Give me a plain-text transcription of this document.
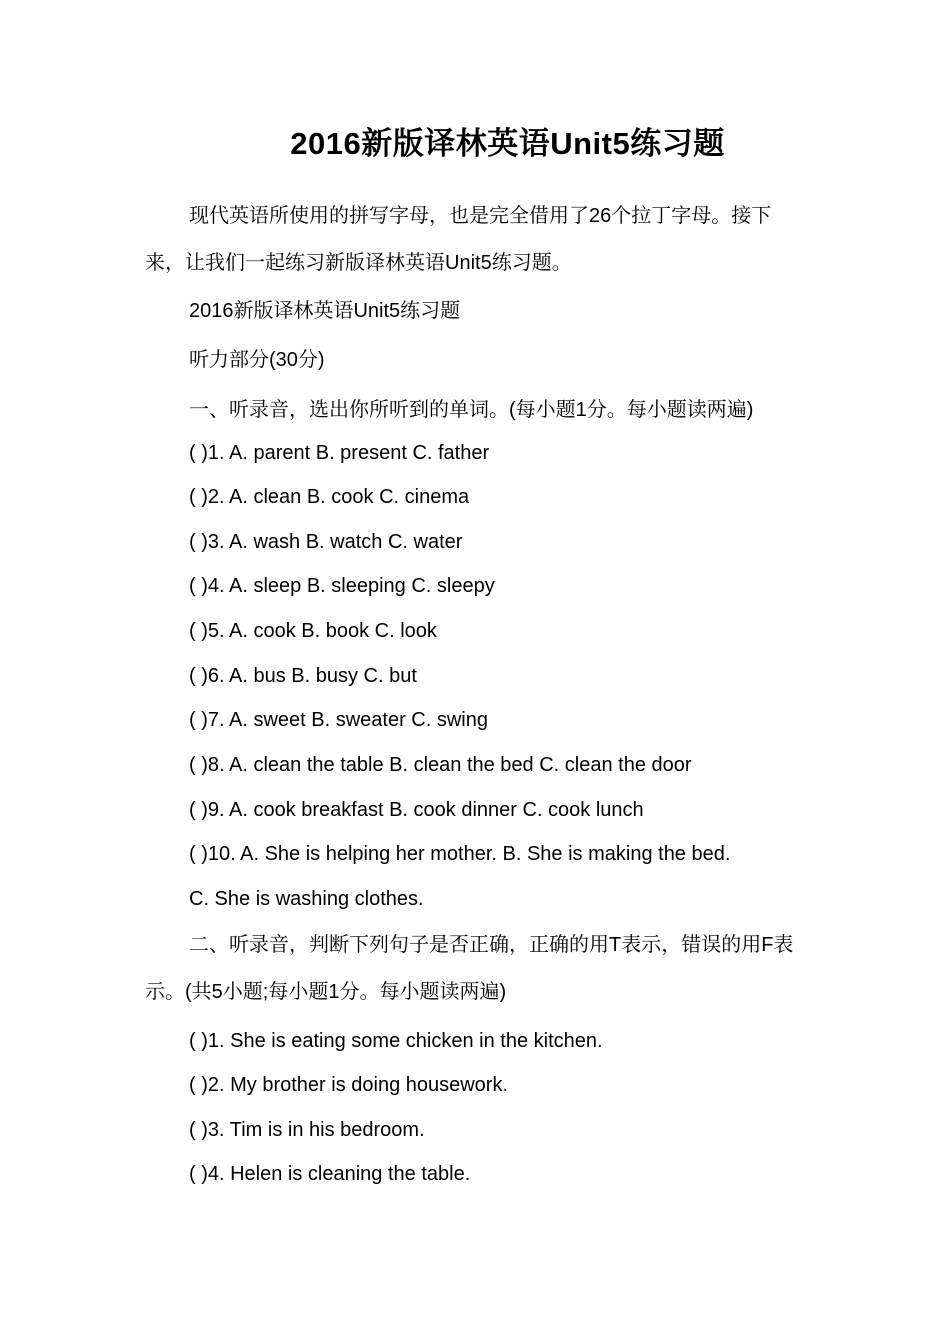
2016新版译林英语Unit5练习题

现代英语所使用的拼写字母，也是完全借用了26个拉丁字母。接下来，让我们一起练习新版译林英语Unit5练习题。

2016新版译林英语Unit5练习题

听力部分(30分)

一、听录音，选出你所听到的单词。(每小题1分。每小题读两遍)

( )1. A. parent B. present C. father

( )2. A. clean B. cook C. cinema

( )3. A. wash B. watch C. water

( )4. A. sleep B. sleeping C. sleepy

( )5. A. cook B. book C. look

( )6. A. bus B. busy C. but

( )7. A. sweet B. sweater C. swing

( )8. A. clean the table B. clean the bed C. clean the door

( )9. A. cook breakfast B. cook dinner C. cook lunch

( )10. A. She is helping her mother. B. She is making the bed.

C. She is washing clothes.

二、听录音，判断下列句子是否正确，正确的用T表示，错误的用F表示。(共5小题;每小题1分。每小题读两遍)

( )1. She is eating some chicken in the kitchen.

( )2. My brother is doing housework.

( )3. Tim is in his bedroom.

( )4. Helen is cleaning the table.
